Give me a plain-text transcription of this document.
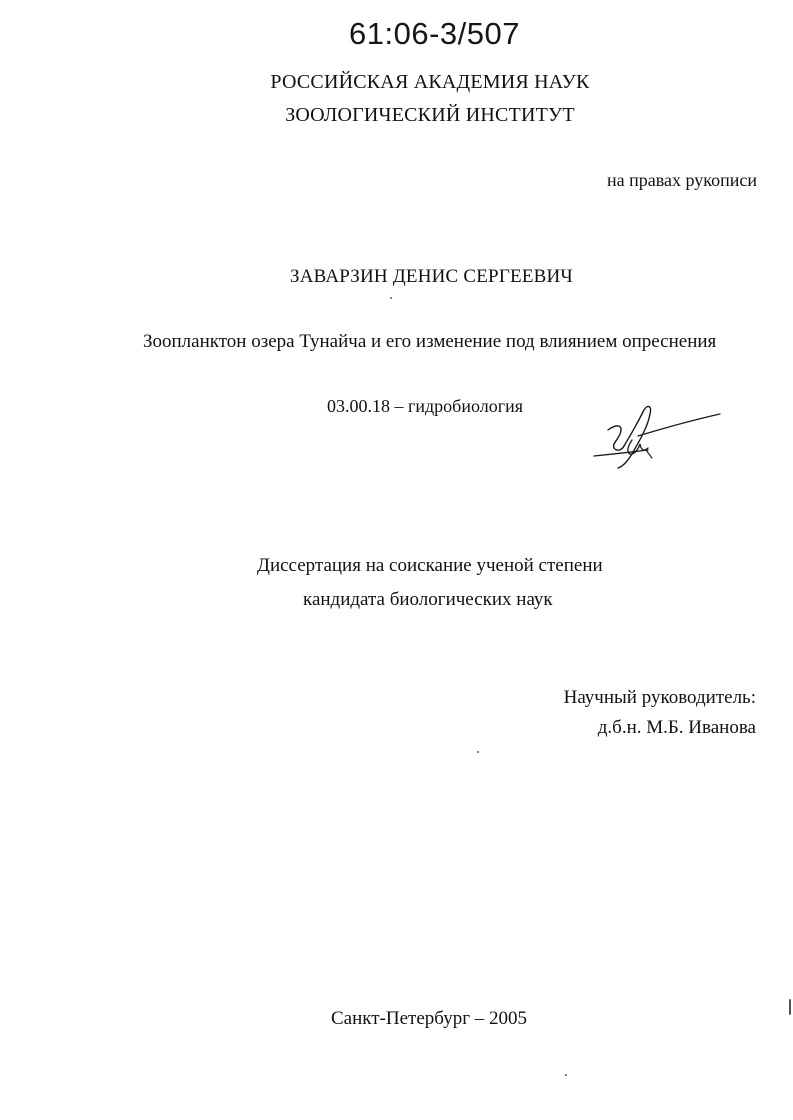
61:06-3/507
РОССИЙСКАЯ АКАДЕМИЯ НАУК
ЗООЛОГИЧЕСКИЙ ИНСТИТУТ
на правах рукописи
ЗАВАРЗИН ДЕНИС СЕРГЕЕВИЧ
Зоопланктон озера Тунайча и его изменение под влиянием опреснения
03.00.18 – гидробиология
Диссертация на соискание ученой степени
кандидата биологических наук
Научный руководитель:
д.б.н. М.Б. Иванова
Санкт-Петербург – 2005
